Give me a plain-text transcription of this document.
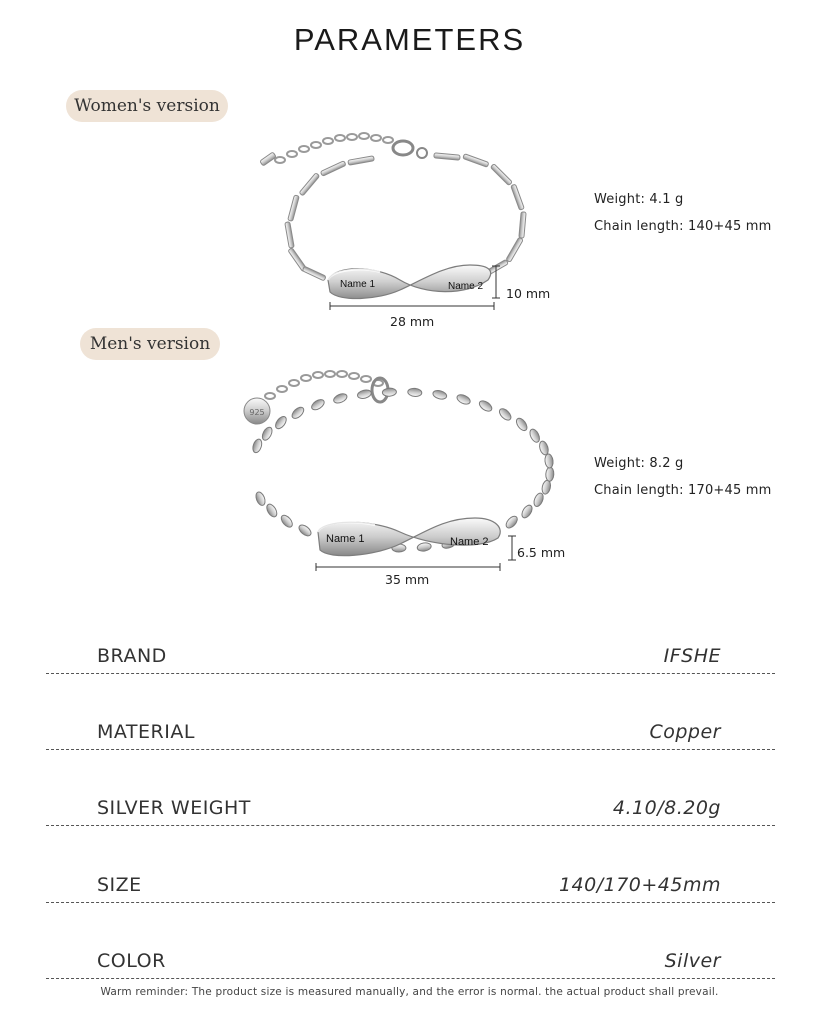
PARAMETERS
Women's version
Name 1	Name 2 10 mm
28 mm
Weight: 4.1 g
Chain length: 140+45 mm
Men's version
925
Name 1	Name 2
6.5 mm
35 mm
Weight: 8.2 g
Chain length: 170+45 mm
BRAND	IFSHE
MATERIAL	Copper
SILVER WEIGHT	4.10/8.20g
SIZE	140/170+45mm
COLOR	Silver
Warm reminder: The product size is measured manually, and the error is normal. the actual product shall prevail.
